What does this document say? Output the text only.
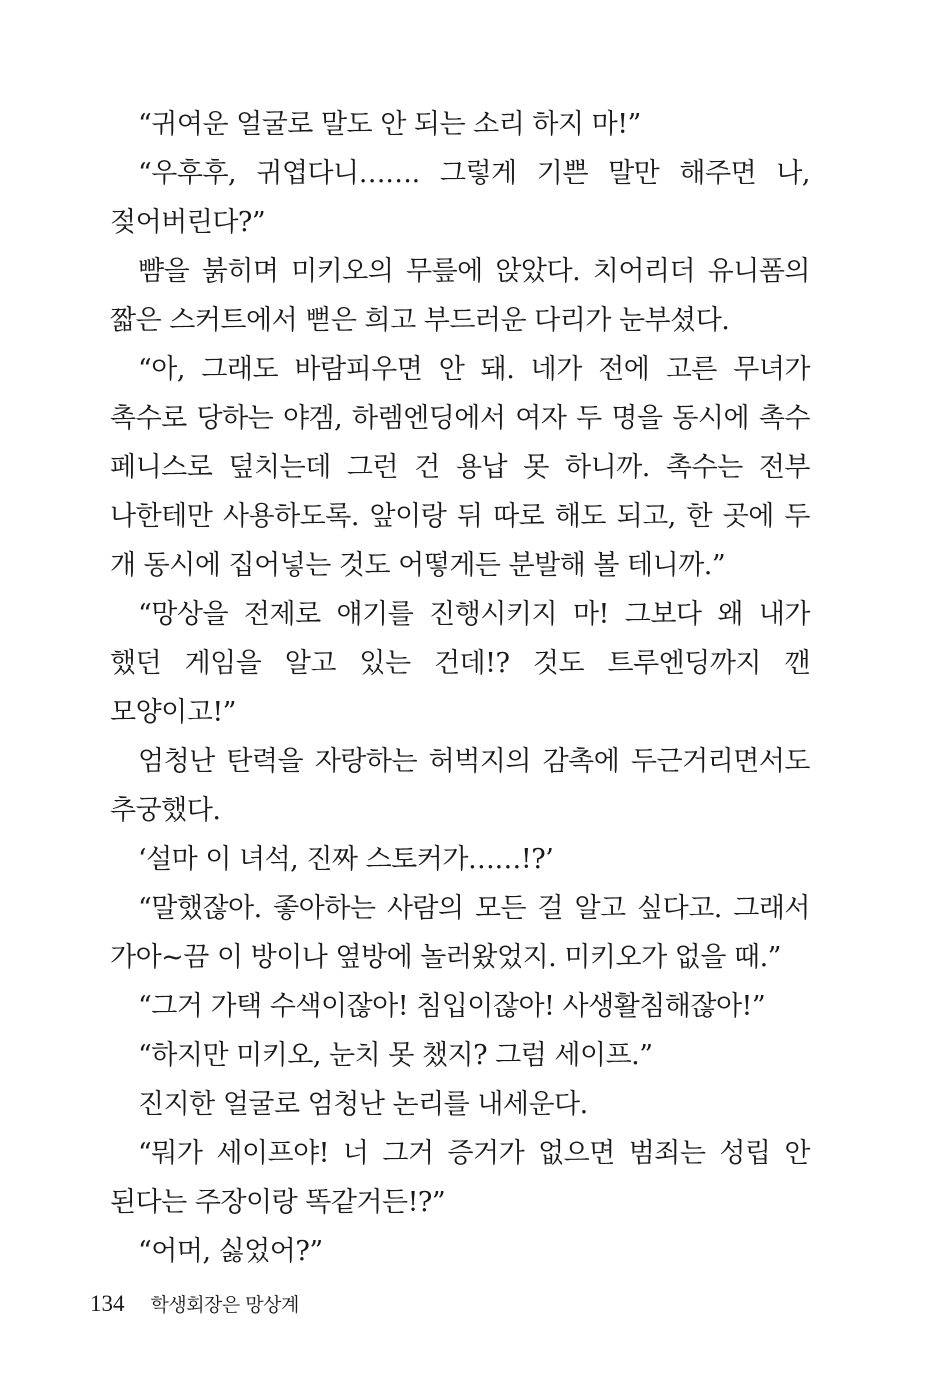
“귀여운 얼굴로 말도 안 되는 소리 하지 마!”

“우후후, 귀엽다니……. 그렇게 기쁜 말만 해주면 나, 젖어버린다?”

뺨을 붉히며 미키오의 무릎에 앉았다. 치어리더 유니폼의 짧은 스커트에서 뻗은 희고 부드러운 다리가 눈부셨다.

“아, 그래도 바람피우면 안 돼. 네가 전에 고른 무녀가 촉수로 당하는 야겜, 하렘엔딩에서 여자 두 명을 동시에 촉수 페니스로 덮치는데 그런 건 용납 못 하니까. 촉수는 전부 나한테만 사용하도록. 앞이랑 뒤 따로 해도 되고, 한 곳에 두 개 동시에 집어넣는 것도 어떻게든 분발해 볼 테니까.”

“망상을 전제로 얘기를 진행시키지 마! 그보다 왜 내가 했던 게임을 알고 있는 건데!? 것도 트루엔딩까지 깬 모양이고!”

엄청난 탄력을 자랑하는 허벅지의 감촉에 두근거리면서도 추궁했다.

‘설마 이 녀석, 진짜 스토커가……!?’

“말했잖아. 좋아하는 사람의 모든 걸 알고 싶다고. 그래서 가아~끔 이 방이나 옆방에 놀러왔었지. 미키오가 없을 때.”

“그거 가택 수색이잖아! 침입이잖아! 사생활침해잖아!”

“하지만 미키오, 눈치 못 챘지? 그럼 세이프.”

진지한 얼굴로 엄청난 논리를 내세운다.

“뭐가 세이프야! 너 그거 증거가 없으면 범죄는 성립 안 된다는 주장이랑 똑같거든!?”

“어머, 싫었어?”

134 학생회장은 망상계
